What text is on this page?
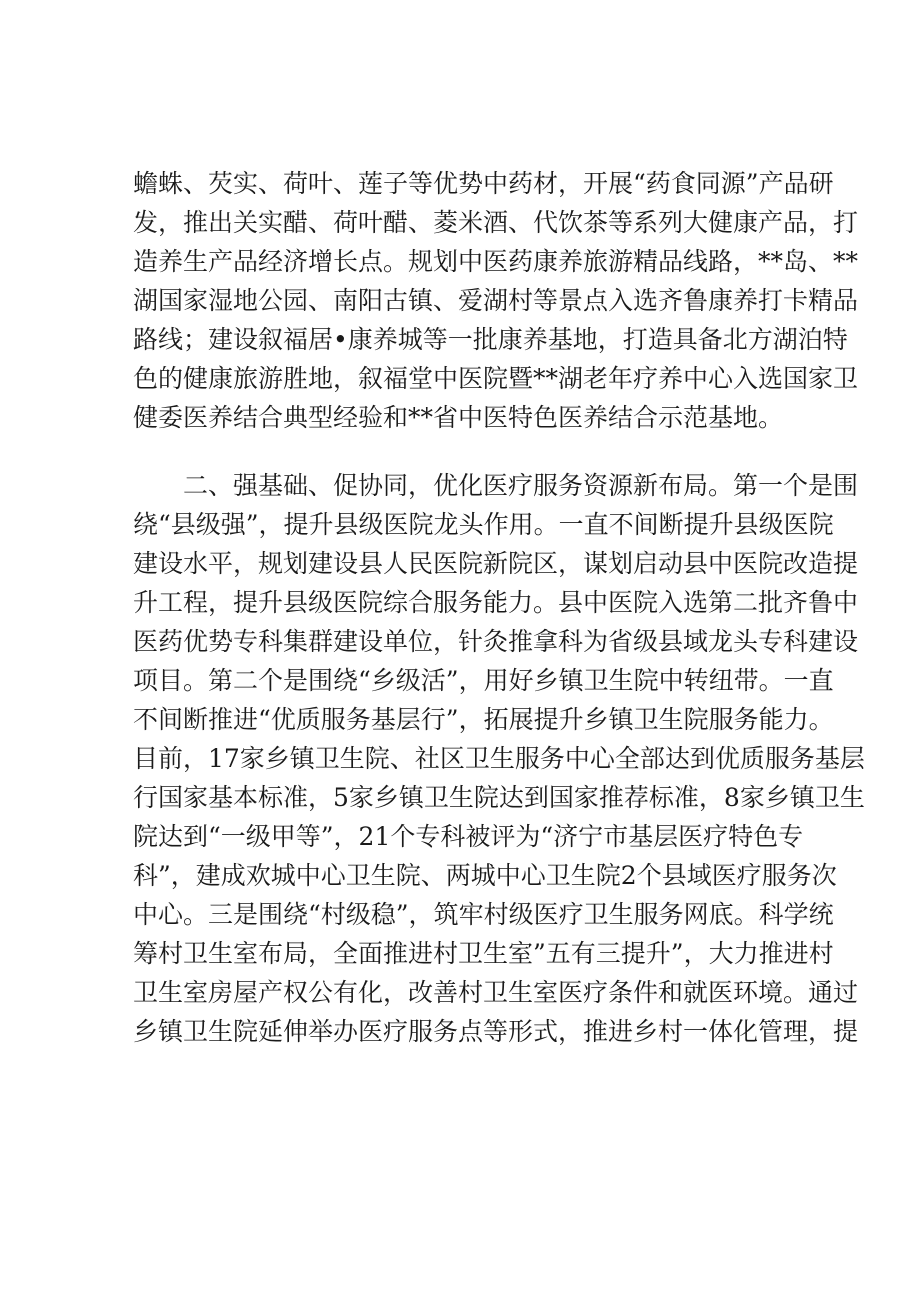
蟾蛛、芡实、荷叶、莲子等优势中药材，开展“药食同源”产品研
发，推出关实醋、荷叶醋、菱米酒、代饮茶等系列大健康产品，打
造养生产品经济增长点。规划中医药康养旅游精品线路，**岛、**
湖国家湿地公园、南阳古镇、爱湖村等景点入选齐鲁康养打卡精品
路线；建设叙福居•康养城等一批康养基地，打造具备北方湖泊特
色的健康旅游胜地，叙福堂中医院暨**湖老年疗养中心入选国家卫
健委医养结合典型经验和**省中医特色医养结合示范基地。
　　二、强基础、促协同，优化医疗服务资源新布局。第一个是围
绕“县级强”，提升县级医院龙头作用。一直不间断提升县级医院
建设水平，规划建设县人民医院新院区，谋划启动县中医院改造提
升工程，提升县级医院综合服务能力。县中医院入选第二批齐鲁中
医药优势专科集群建设单位，针灸推拿科为省级县域龙头专科建设
项目。第二个是围绕“乡级活”，用好乡镇卫生院中转纽带。一直
不间断推进“优质服务基层行”，拓展提升乡镇卫生院服务能力。
目前，17家乡镇卫生院、社区卫生服务中心全部达到优质服务基层
行国家基本标准，5家乡镇卫生院达到国家推荐标准，8家乡镇卫生
院达到“一级甲等”，21个专科被评为“济宁市基层医疗特色专
科”，建成欢城中心卫生院、两城中心卫生院2个县域医疗服务次
中心。三是围绕“村级稳”，筑牢村级医疗卫生服务网底。科学统
筹村卫生室布局，全面推进村卫生室”五有三提升”，大力推进村
卫生室房屋产权公有化，改善村卫生室医疗条件和就医环境。通过
乡镇卫生院延伸举办医疗服务点等形式，推进乡村一体化管理，提
